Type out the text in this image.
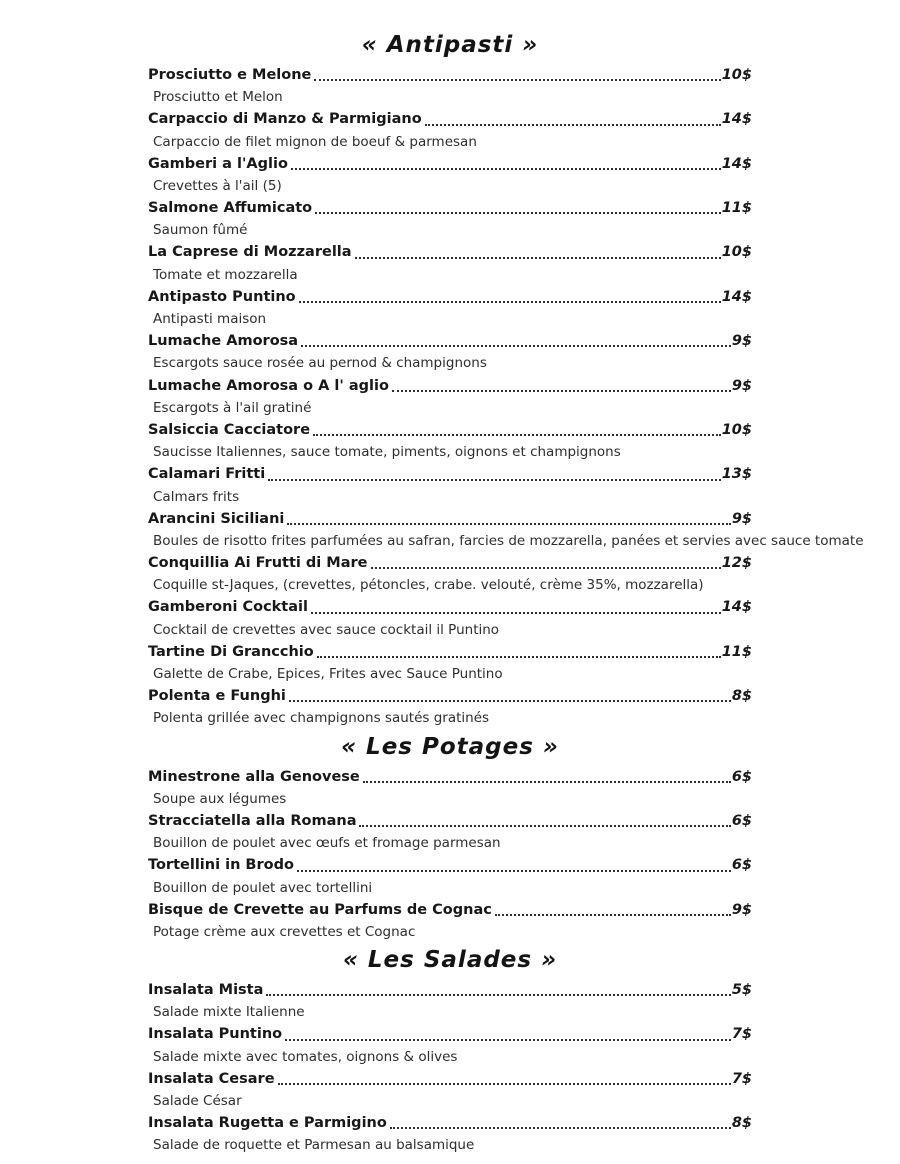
« Antipasti »
Prosciutto e Melone	10$
Prosciutto et Melon
Carpaccio di Manzo & Parmigiano	14$
Carpaccio de filet mignon de boeuf & parmesan
Gamberi a l'Aglio	14$
Crevettes à l'ail (5)
Salmone Affumicato	11$
Saumon fûmé
La Caprese di Mozzarella	10$
Tomate et mozzarella
Antipasto Puntino	14$
Antipasti maison
Lumache Amorosa	9$
Escargots sauce rosée au pernod & champignons
Lumache Amorosa o A l' aglio	9$
Escargots à l'ail gratiné
Salsiccia Cacciatore	10$
Saucisse Italiennes, sauce tomate, piments, oignons et champignons
Calamari Fritti	13$
Calmars frits
Arancini Siciliani	9$
Boules de risotto frites parfumées au safran, farcies de mozzarella, panées et servies avec sauce tomate
Conquillia Ai Frutti di Mare	12$
Coquille st-Jaques, (crevettes, pétoncles, crabe. velouté, crème 35%, mozzarella)
Gamberoni Cocktail	14$
Cocktail de crevettes avec sauce cocktail il Puntino
Tartine Di Grancchio	11$
Galette de Crabe, Epices, Frites avec Sauce Puntino
Polenta e Funghi	8$
Polenta grillée avec champignons sautés gratinés
« Les Potages »
Minestrone alla Genovese	6$
Soupe aux légumes
Stracciatella alla Romana	6$
Bouillon de poulet avec œufs et fromage parmesan
Tortellini in Brodo	6$
Bouillon de poulet avec tortellini
Bisque de Crevette au Parfums de Cognac	9$
Potage crème aux crevettes et Cognac
« Les Salades »
Insalata Mista	5$
Salade mixte Italienne
Insalata Puntino	7$
Salade mixte avec tomates, oignons & olives
Insalata Cesare	7$
Salade César
Insalata Rugetta e Parmigino	8$
Salade de roquette et Parmesan au balsamique
